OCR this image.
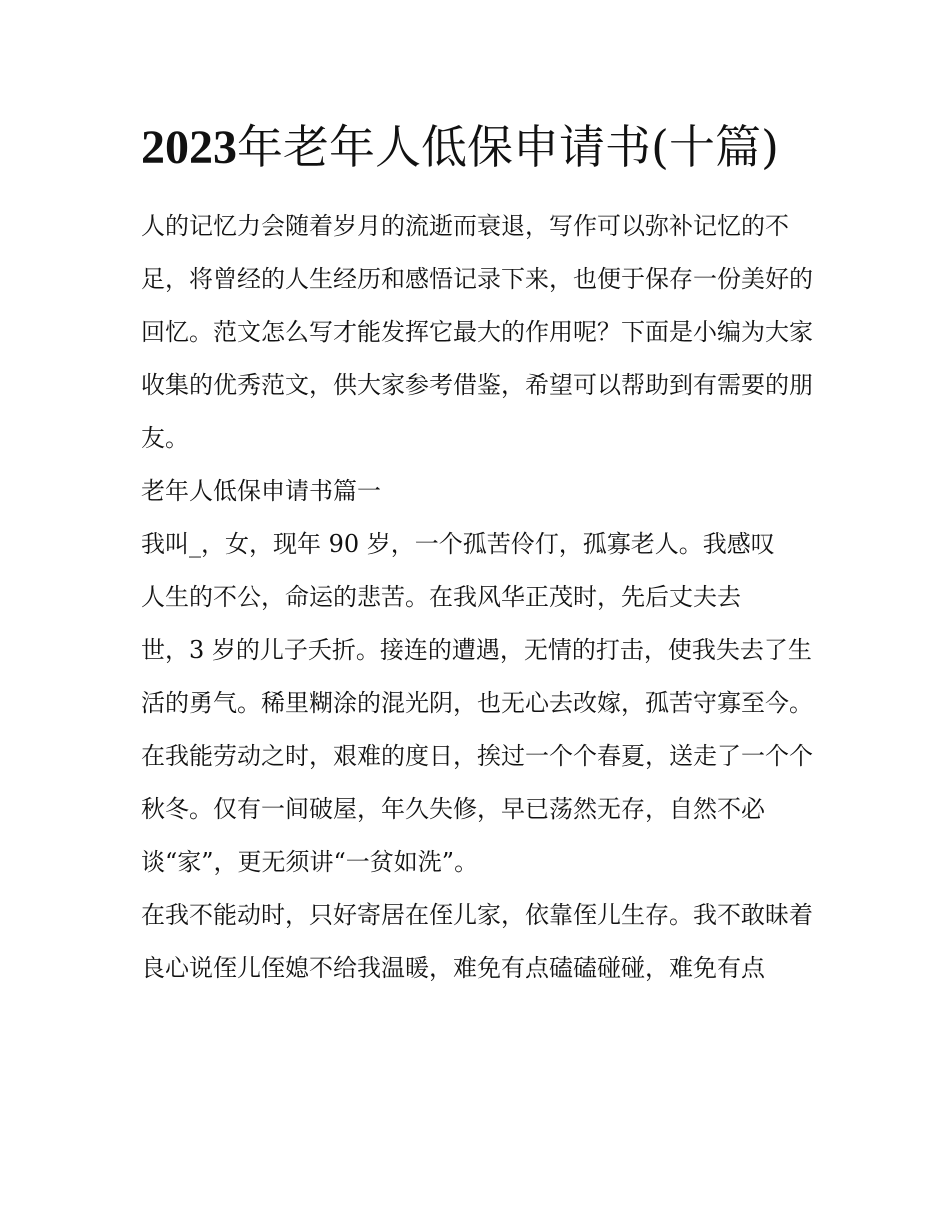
2023年老年人低保申请书(十篇)

人的记忆力会随着岁月的流逝而衰退，写作可以弥补记忆的不足，将曾经的人生经历和感悟记录下来，也便于保存一份美好的回忆。范文怎么写才能发挥它最大的作用呢？下面是小编为大家收集的优秀范文，供大家参考借鉴，希望可以帮助到有需要的朋友。

老年人低保申请书篇一

我叫_，女，现年 90 岁，一个孤苦伶仃，孤寡老人。我感叹
人生的不公，命运的悲苦。在我风华正茂时，先后丈夫去
世，3 岁的儿子夭折。接连的遭遇，无情的打击，使我失去了生活的勇气。稀里糊涂的混光阴，也无心去改嫁，孤苦守寡至今。

在我能劳动之时，艰难的度日，挨过一个个春夏，送走了一个个秋冬。仅有一间破屋，年久失修，早已荡然无存，自然不必谈“家”，更无须讲“一贫如洗”。

在我不能动时，只好寄居在侄儿家，依靠侄儿生存。我不敢昧着良心说侄儿侄媳不给我温暖，难免有点磕磕碰碰，难免有点
